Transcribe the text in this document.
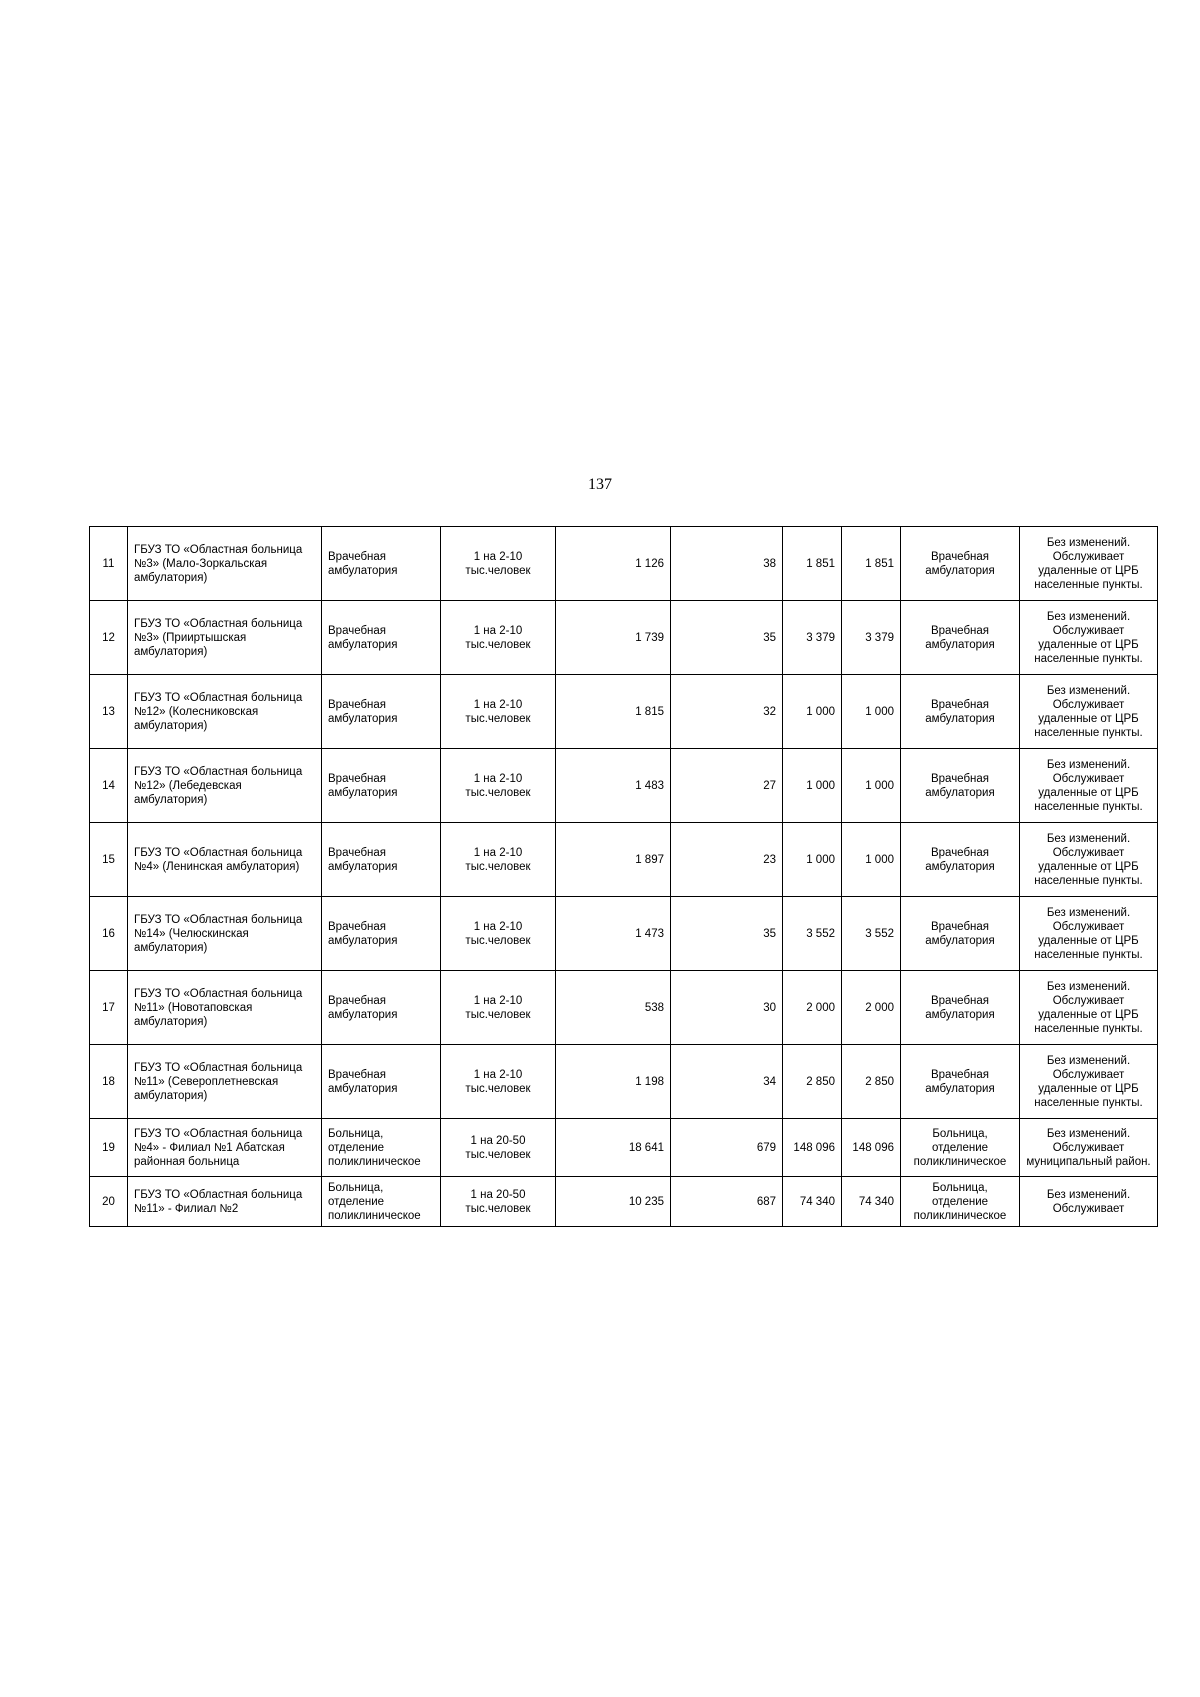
137
11	ГБУЗ ТО «Областная больница №3» (Мало-Зоркальская амбулатория)	Врачебная амбулатория	1 на 2-10 тыс.человек	1 126	38	1 851	1 851	Врачебная амбулатория	Без изменений. Обслуживает удаленные от ЦРБ населенные пункты.
12	ГБУЗ ТО «Областная больница №3» (Прииртышская амбулатория)	Врачебная амбулатория	1 на 2-10 тыс.человек	1 739	35	3 379	3 379	Врачебная амбулатория	Без изменений. Обслуживает удаленные от ЦРБ населенные пункты.
13	ГБУЗ ТО «Областная больница №12» (Колесниковская амбулатория)	Врачебная амбулатория	1 на 2-10 тыс.человек	1 815	32	1 000	1 000	Врачебная амбулатория	Без изменений. Обслуживает удаленные от ЦРБ населенные пункты.
14	ГБУЗ ТО «Областная больница №12» (Лебедевская амбулатория)	Врачебная амбулатория	1 на 2-10 тыс.человек	1 483	27	1 000	1 000	Врачебная амбулатория	Без изменений. Обслуживает удаленные от ЦРБ населенные пункты.
15	ГБУЗ ТО «Областная больница №4» (Ленинская амбулатория)	Врачебная амбулатория	1 на 2-10 тыс.человек	1 897	23	1 000	1 000	Врачебная амбулатория	Без изменений. Обслуживает удаленные от ЦРБ населенные пункты.
16	ГБУЗ ТО «Областная больница №14» (Челюскинская амбулатория)	Врачебная амбулатория	1 на 2-10 тыс.человек	1 473	35	3 552	3 552	Врачебная амбулатория	Без изменений. Обслуживает удаленные от ЦРБ населенные пункты.
17	ГБУЗ ТО «Областная больница №11» (Новотаповская амбулатория)	Врачебная амбулатория	1 на 2-10 тыс.человек	538	30	2 000	2 000	Врачебная амбулатория	Без изменений. Обслуживает удаленные от ЦРБ населенные пункты.
18	ГБУЗ ТО «Областная больница №11» (Североплетневская амбулатория)	Врачебная амбулатория	1 на 2-10 тыс.человек	1 198	34	2 850	2 850	Врачебная амбулатория	Без изменений. Обслуживает удаленные от ЦРБ населенные пункты.
19	ГБУЗ ТО «Областная больница №4» - Филиал №1 Абатская районная больница	Больница, отделение поликлиническое	1 на 20-50 тыс.человек	18 641	679	148 096	148 096	Больница, отделение поликлиническое	Без изменений. Обслуживает муниципальный район.
20	ГБУЗ ТО «Областная больница №11» - Филиал №2	Больница, отделение поликлиническое	1 на 20-50 тыс.человек	10 235	687	74 340	74 340	Больница, отделение поликлиническое	Без изменений. Обслуживает
